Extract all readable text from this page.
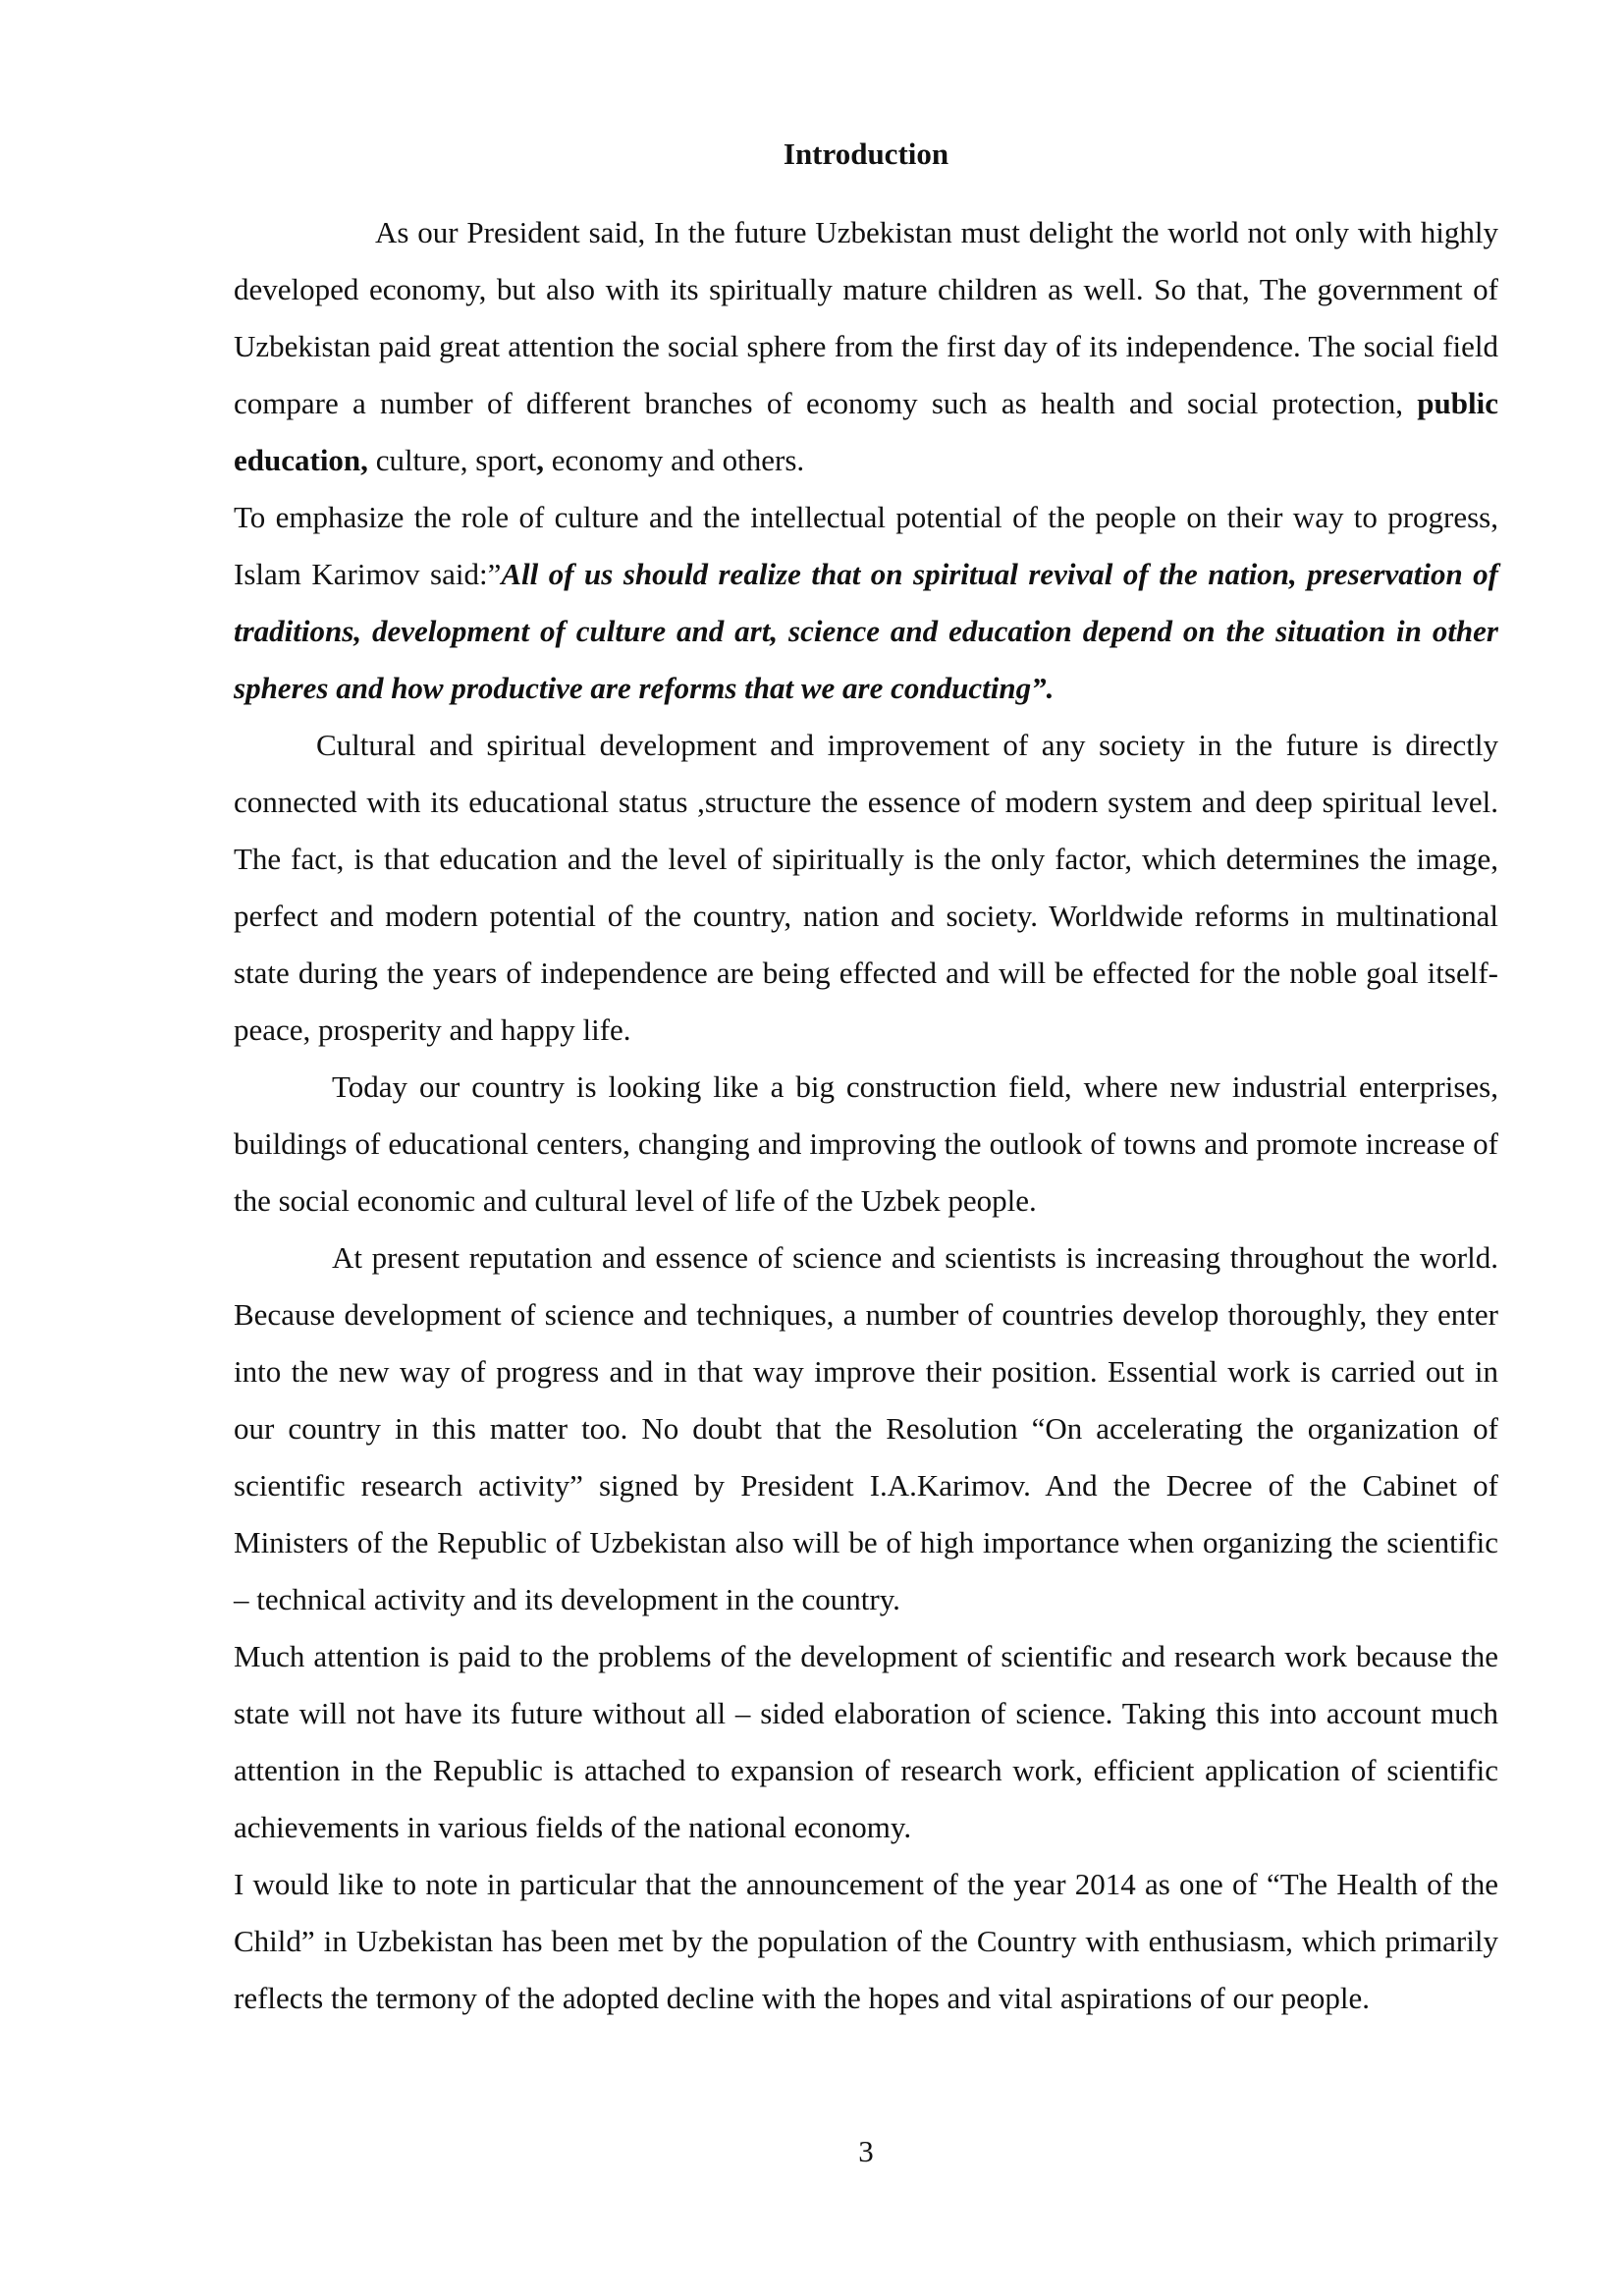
Introduction

As our President said, In the future Uzbekistan must delight the world not only with highly developed economy, but also with its spiritually mature children as well. So that, The government of Uzbekistan paid great attention the social sphere from the first day of its independence. The social field compare a number of different branches of economy such as health and social protection, public education, culture, sport, economy and others.

To emphasize the role of culture and the intellectual potential of the people on their way to progress, Islam Karimov said:”All of us should realize that on spiritual revival of the nation, preservation of traditions, development of culture and art, science and education depend on the situation in other spheres and how productive are reforms that we are conducting”.

Cultural and spiritual development and improvement of any society in the future is directly connected with its educational status ,structure the essence of modern system and deep spiritual level. The fact, is that education and the level of sipiritually is the only factor, which determines the image, perfect and modern potential of the country, nation and society. Worldwide reforms in multinational state during the years of independence are being effected and will be effected for the noble goal itself- peace, prosperity and happy life.

Today our country is looking like a big construction field, where new industrial enterprises, buildings of educational centers, changing and improving the outlook of towns and promote increase of the social economic and cultural level of life of the Uzbek people.

At present reputation and essence of science and scientists is increasing throughout the world. Because development of science and techniques, a number of countries develop thoroughly, they enter into the new way of progress and in that way improve their position. Essential work is carried out in our country in this matter too. No doubt that the Resolution “On accelerating the organization of scientific research activity” signed by President I.A.Karimov. And the Decree of the Cabinet of Ministers of the Republic of Uzbekistan also will be of high importance when organizing the scientific – technical activity and its development in the country.

Much attention is paid to the problems of the development of scientific and research work because the state will not have its future without all – sided elaboration of science. Taking this into account much attention in the Republic is attached to expansion of research work, efficient application of scientific achievements in various fields of the national economy.

I would like to note in particular that the announcement of the year 2014 as one of “The Health of the Child” in Uzbekistan has been met by the population of the Country with enthusiasm, which primarily reflects the termony of the adopted decline with the hopes and vital aspirations of our people.

3
